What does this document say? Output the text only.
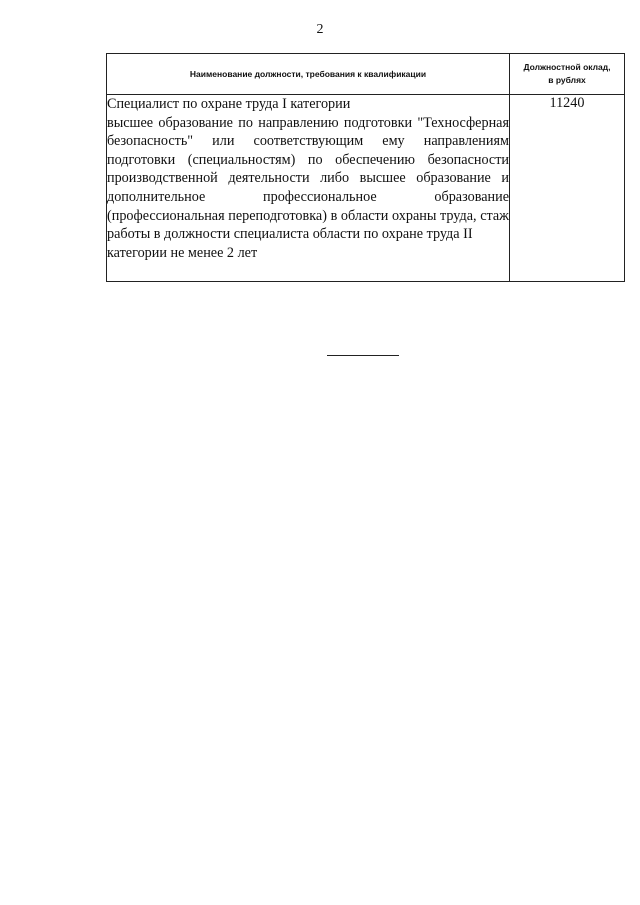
2
Наименование должности, требования к квалификации	Должностной оклад,
в рублях

Специалист по охране труда I категории
высшее образование по направлению подготовки "Техносферная безопасность" или соответствующим ему направлениям подготовки (специальностям) по обеспечению безопасности производственной деятельности либо высшее образование и дополнительное профессиональное образование (профессиональная переподготовка) в области охраны труда, стаж работы в должности специалиста области по охране труда II
категории не менее 2 лет	11240
